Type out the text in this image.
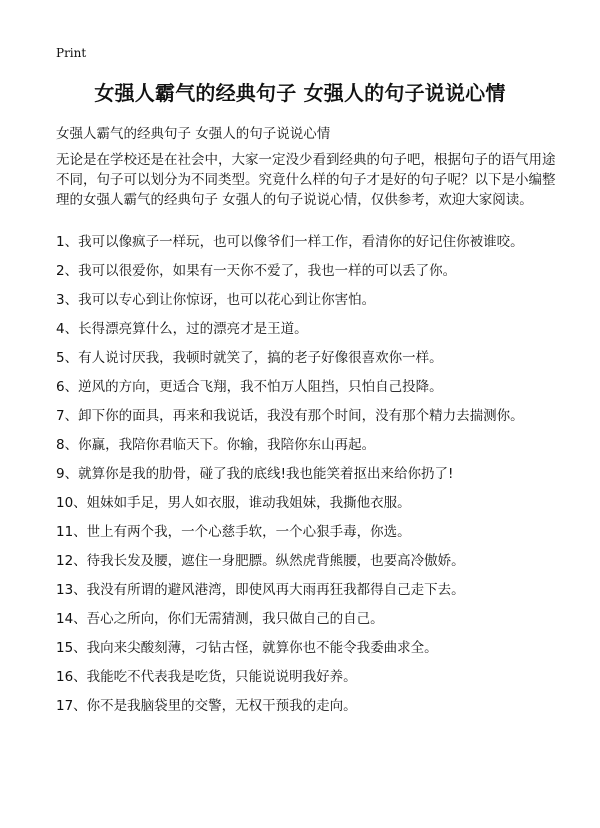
Print
女强人霸气的经典句子 女强人的句子说说心情
女强人霸气的经典句子 女强人的句子说说心情
无论是在学校还是在社会中，大家一定没少看到经典的句子吧，根据句子的语气用途不同，句子可以划分为不同类型。究竟什么样的句子才是好的句子呢？以下是小编整理的女强人霸气的经典句子 女强人的句子说说心情，仅供参考，欢迎大家阅读。
1、我可以像疯子一样玩，也可以像爷们一样工作，看清你的好记住你被谁咬。
2、我可以很爱你，如果有一天你不爱了，我也一样的可以丢了你。
3、我可以专心到让你惊讶，也可以花心到让你害怕。
4、长得漂亮算什么，过的漂亮才是王道。
5、有人说讨厌我，我顿时就笑了，搞的老子好像很喜欢你一样。
6、逆风的方向，更适合飞翔，我不怕万人阻挡，只怕自己投降。
7、卸下你的面具，再来和我说话，我没有那个时间，没有那个精力去揣测你。
8、你赢，我陪你君临天下。你输，我陪你东山再起。
9、就算你是我的肋骨，碰了我的底线!我也能笑着抠出来给你扔了!
10、姐妹如手足，男人如衣服，谁动我姐妹，我撕他衣服。
11、世上有两个我，一个心慈手软，一个心狠手毒，你选。
12、待我长发及腰，遮住一身肥膘。纵然虎背熊腰，也要高冷傲娇。
13、我没有所谓的避风港湾，即使风再大雨再狂我都得自己走下去。
14、吾心之所向，你们无需猜测，我只做自己的自己。
15、我向来尖酸刻薄，刁钻古怪，就算你也不能令我委曲求全。
16、我能吃不代表我是吃货，只能说说明我好养。
17、你不是我脑袋里的交警，无权干预我的走向。
